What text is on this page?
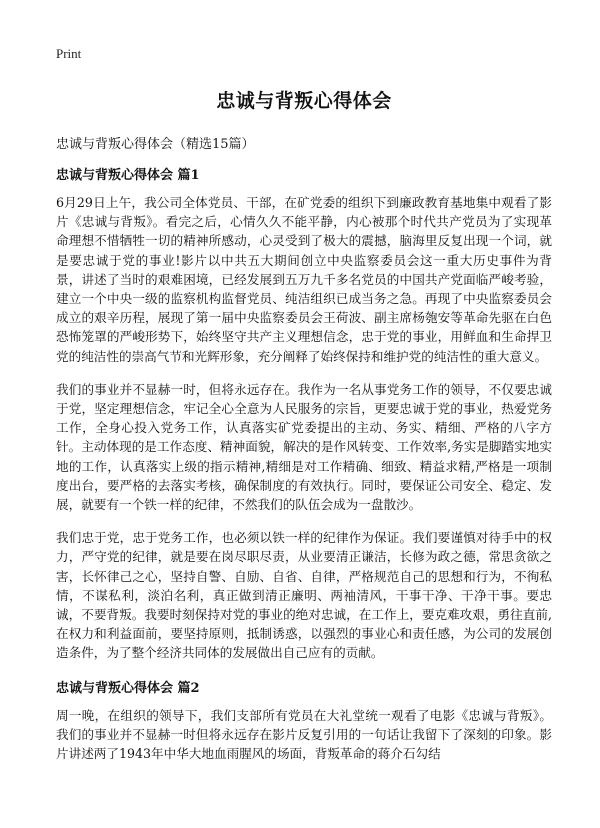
Print
忠诚与背叛心得体会
忠诚与背叛心得体会（精选15篇）
忠诚与背叛心得体会 篇1

6月29日上午，我公司全体党员、干部，在矿党委的组织下到廉政教育基地集中观看了影片《忠诚与背叛》。看完之后，心情久久不能平静，内心被那个时代共产党员为了实现革命理想不惜牺牲一切的精神所感动，心灵受到了极大的震撼，脑海里反复出现一个词，就是要忠诚于党的事业!影片以中共五大期间创立中央监察委员会这一重大历史事件为背景，讲述了当时的艰难困境，已经发展到五万九千多名党员的中国共产党面临严峻考验，建立一个中央一级的监察机构监督党员、纯洁组织已成当务之急。再现了中央监察委员会成立的艰辛历程，展现了第一届中央监察委员会王荷波、副主席杨匏安等革命先驱在白色恐怖笼罩的严峻形势下，始终坚守共产主义理想信念，忠于党的事业，用鲜血和生命捍卫党的纯洁性的崇高气节和光辉形象，充分阐释了始终保持和维护党的纯洁性的重大意义。

我们的事业并不显赫一时，但将永远存在。我作为一名从事党务工作的领导，不仅要忠诚于党，坚定理想信念，牢记全心全意为人民服务的宗旨，更要忠诚于党的事业，热爱党务工作，全身心投入党务工作，认真落实矿党委提出的主动、务实、精细、严格的八字方针。主动体现的是工作态度、精神面貌，解决的是作风转变、工作效率,务实是脚踏实地实地的工作，认真落实上级的指示精神,精细是对工作精确、细致、精益求精,严格是一项制度出台，要严格的去落实考核，确保制度的有效执行。同时，要保证公司安全、稳定、发展，就要有一个铁一样的纪律，不然我们的队伍会成为一盘散沙。

我们忠于党，忠于党务工作，也必须以铁一样的纪律作为保证。我们要谨慎对待手中的权力，严守党的纪律，就是要在岗尽职尽责，从业要清正谦洁，长修为政之德，常思贪欲之害，长怀律己之心，坚持自警、自励、自省、自律，严格规范自己的思想和行为，不徇私情，不谋私利，淡泊名利，真正做到清正廉明、两袖清风，干事干净、干净干事。要忠诚，不要背叛。我要时刻保持对党的事业的绝对忠诚，在工作上，要克难攻艰，勇往直前,在权力和利益面前，要坚持原则，抵制诱惑，以强烈的事业心和责任感，为公司的发展创造条件，为了整个经济共同体的发展做出自己应有的贡献。

忠诚与背叛心得体会 篇2

周一晚，在组织的领导下，我们支部所有党员在大礼堂统一观看了电影《忠诚与背叛》。我们的事业并不显赫一时但将永远存在影片反复引用的一句话让我留下了深刻的印象。影片讲述两了1943年中华大地血雨腥风的场面，背叛革命的蒋介石勾结
